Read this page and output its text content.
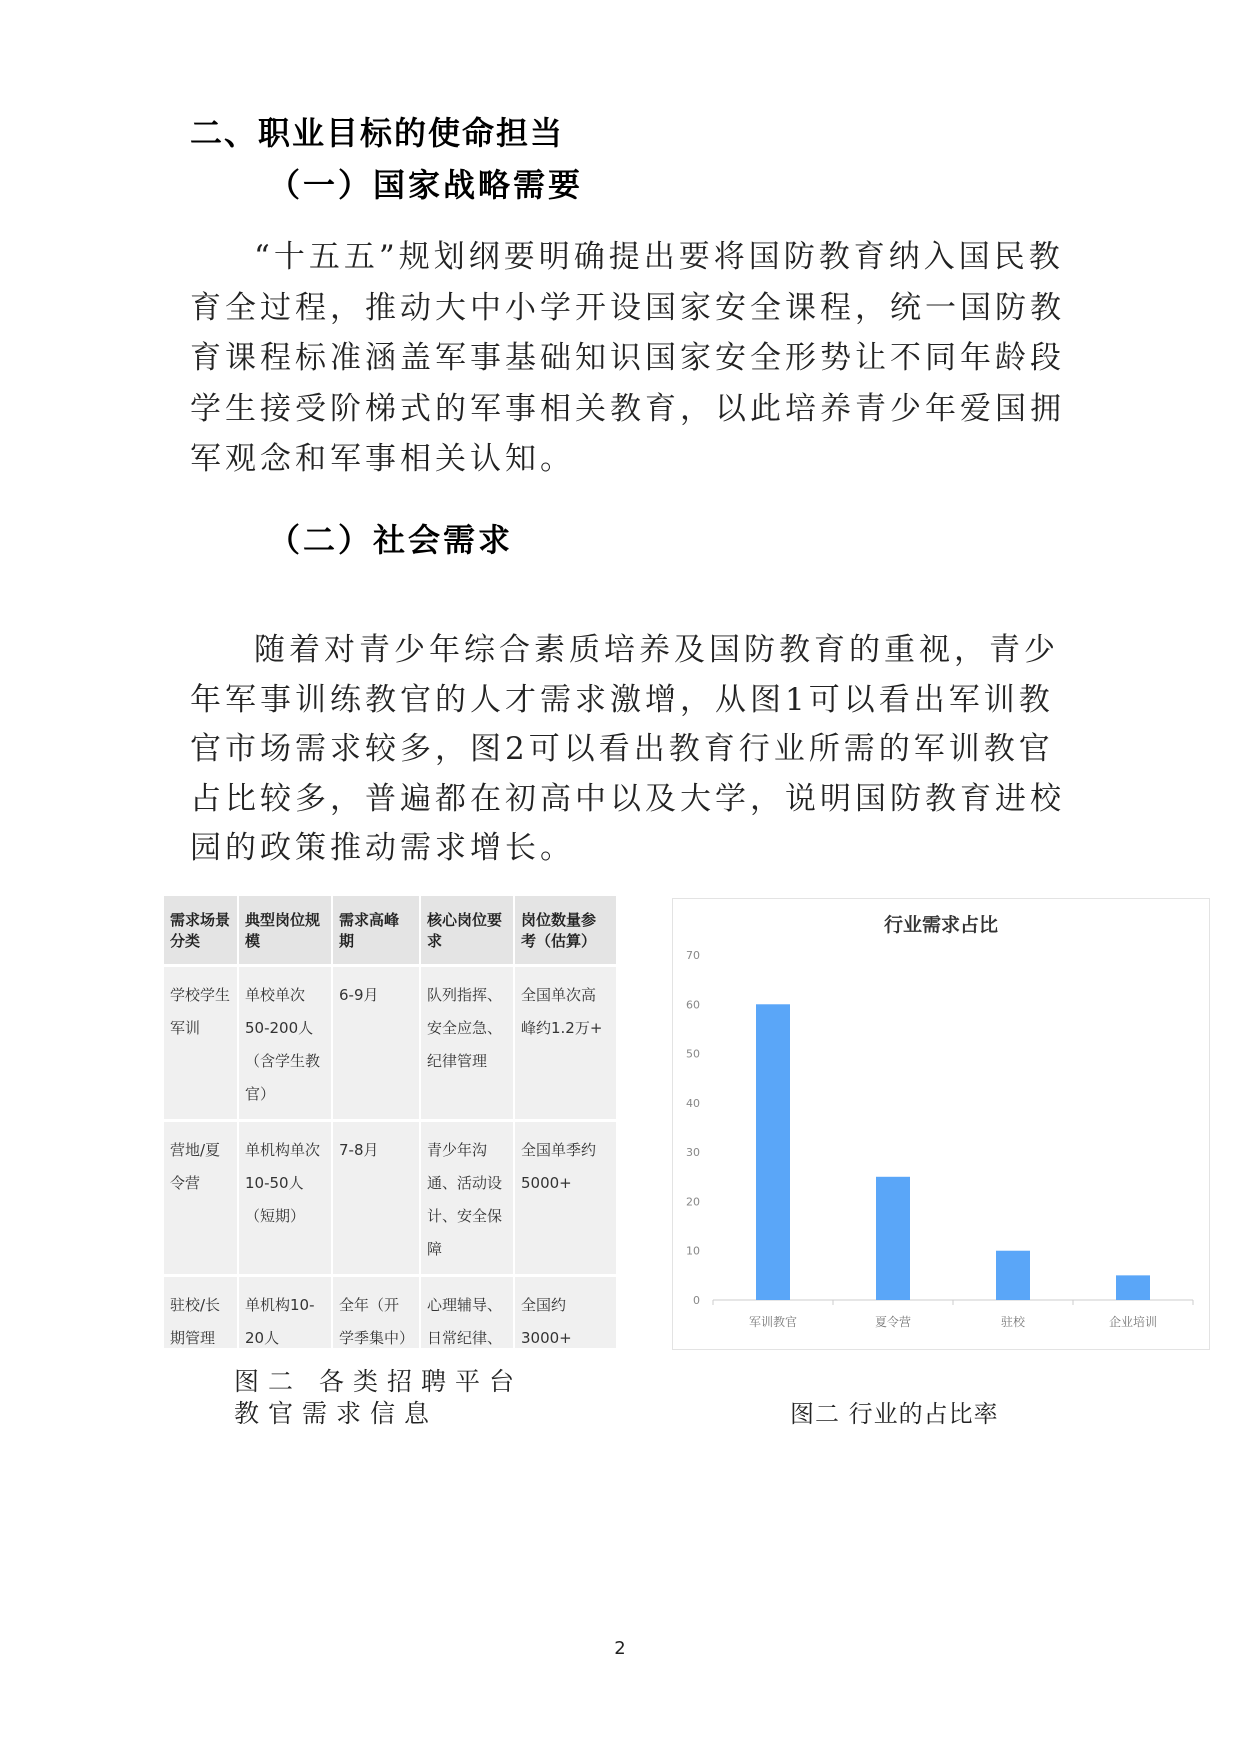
二、职业目标的使命担当
（一）国家战略需要
“十五五”规划纲要明确提出要将国防教育纳入国民教育全过程，推动大中小学开设国家安全课程，统一国防教育课程标准涵盖军事基础知识国家安全形势让不同年龄段学生接受阶梯式的军事相关教育，以此培养青少年爱国拥军观念和军事相关认知。
（二）社会需求
随着对青少年综合素质培养及国防教育的重视，青少年军事训练教官的人才需求激增，从图1可以看出军训教官市场需求较多，图2可以看出教育行业所需的军训教官占比较多，普遍都在初高中以及大学，说明国防教育进校园的政策推动需求增长。
需求场景分类	典型岗位规模	需求高峰期	核心岗位要求	岗位数量参考（估算）
学校学生军训	单校单次50-200人（含学生教官）	6-9月	队列指挥、安全应急、纪律管理	全国单次高峰约1.2万+
营地/夏令营	单机构单次10-50人（短期）	7-8月	青少年沟通、活动设计、安全保障	全国单季约5000+
驻校/长期管理	单机构10-20人	全年（开学季集中）	心理辅导、日常纪律、	全国约3000+

行业需求占比
0
10
20
30
40
50
60
70
军训教官	夏令营	驻校	企业培训
图二 各类招聘平台教官需求信息	图二 行业的占比率
2
